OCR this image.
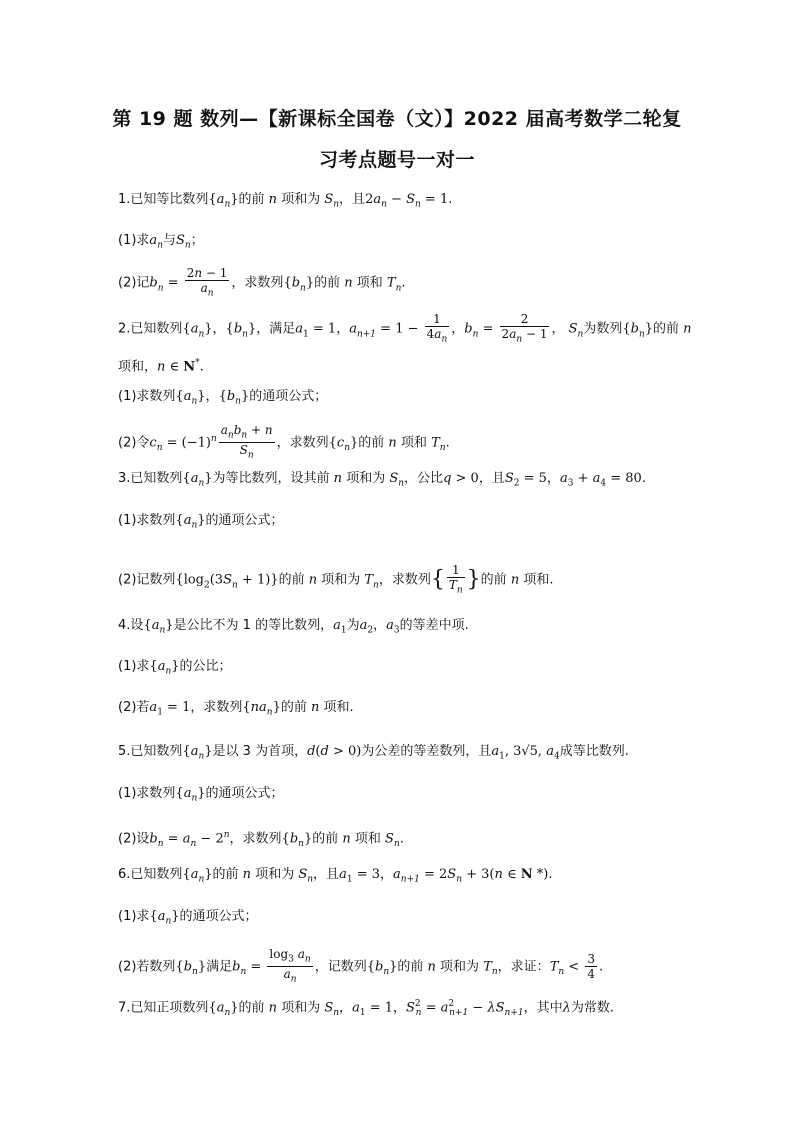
第 19 题 数列—【新课标全国卷（文）】2022 届高考数学二轮复
习考点题号一对一
1.已知等比数列$\{a_n\}$的前 n 项和为 $S_n$，且$2a_n - S_n = 1$.
(1)求$a_n$与$S_n$；
(2)记$b_n = \frac{2n - 1}{a_n}$ ，求数列$\{b_n\}$的前 n 项和 $T_n$.
2.已知数列$\{a_n\}$，$\{b_n\}$，满足$a_1 = 1$，$a_{n+1} = 1 - \frac{1}{4a_n}$ ，$b_n = \frac{2}{2a_n - 1}$ ， $S_n$为数列$\{b_n\}$的前 n
项和，n ∈ N*.
(1)求数列$\{a_n\}$，$\{b_n\}$的通项公式；
(2)令$c_n = (-1)^n \frac{a_nb_n + n}{S_n}$ ，求数列$\{c_n\}$的前 n 项和 $T_n$.
3.已知数列$\{a_n\}$为等比数列，设其前 n 项和为 $S_n$，公比q > 0，且$S_2 = 5$，$a_3 + a_4 = 80$.
(1)求数列$\{a_n\}$的通项公式；
(2)记数列$\{\log_2(3S_n + 1)\}$的前 n 项和为 $T_n$，求数列{ $\frac{1}{T_n}$ }的前 n 项和.
4.设$\{a_n\}$是公比不为 1 的等比数列，$a_1$为$a_2$，$a_3$的等差中项.
(1)求$\{a_n\}$的公比；
(2)若$a_1 = 1$，求数列$\{na_n\}$的前 n 项和.
5.已知数列$\{a_n\}$是以 3 为首项，d(d > 0)为公差的等差数列，且$a_1$, 3√5, $a_4$成等比数列.
(1)求数列$\{a_n\}$的通项公式；
(2)设$b_n = a_n - 2^n$，求数列$\{b_n\}$的前 n 项和 $S_n$.
6.已知数列$\{a_n\}$的前 n 项和为 $S_n$，且$a_1 = 3$，$a_{n+1} = 2S_n + 3(n$ ∈ N *).
(1)求$\{a_n\}$的通项公式；
(2)若数列$\{b_n\}$满足$b_n = \frac{\log_3 a_n}{a_n}$ ，记数列$\{b_n\}$的前 n 项和为 $T_n$，求证：$T_n < \frac{3}{4}$ .
7.已知正项数列$\{a_n\}$的前 n 项和为 $S_n$，$a_1 = 1$，$S^2_n = a^2_{n+1} - \lambda S_{n+1}$，其中λ为常数.
